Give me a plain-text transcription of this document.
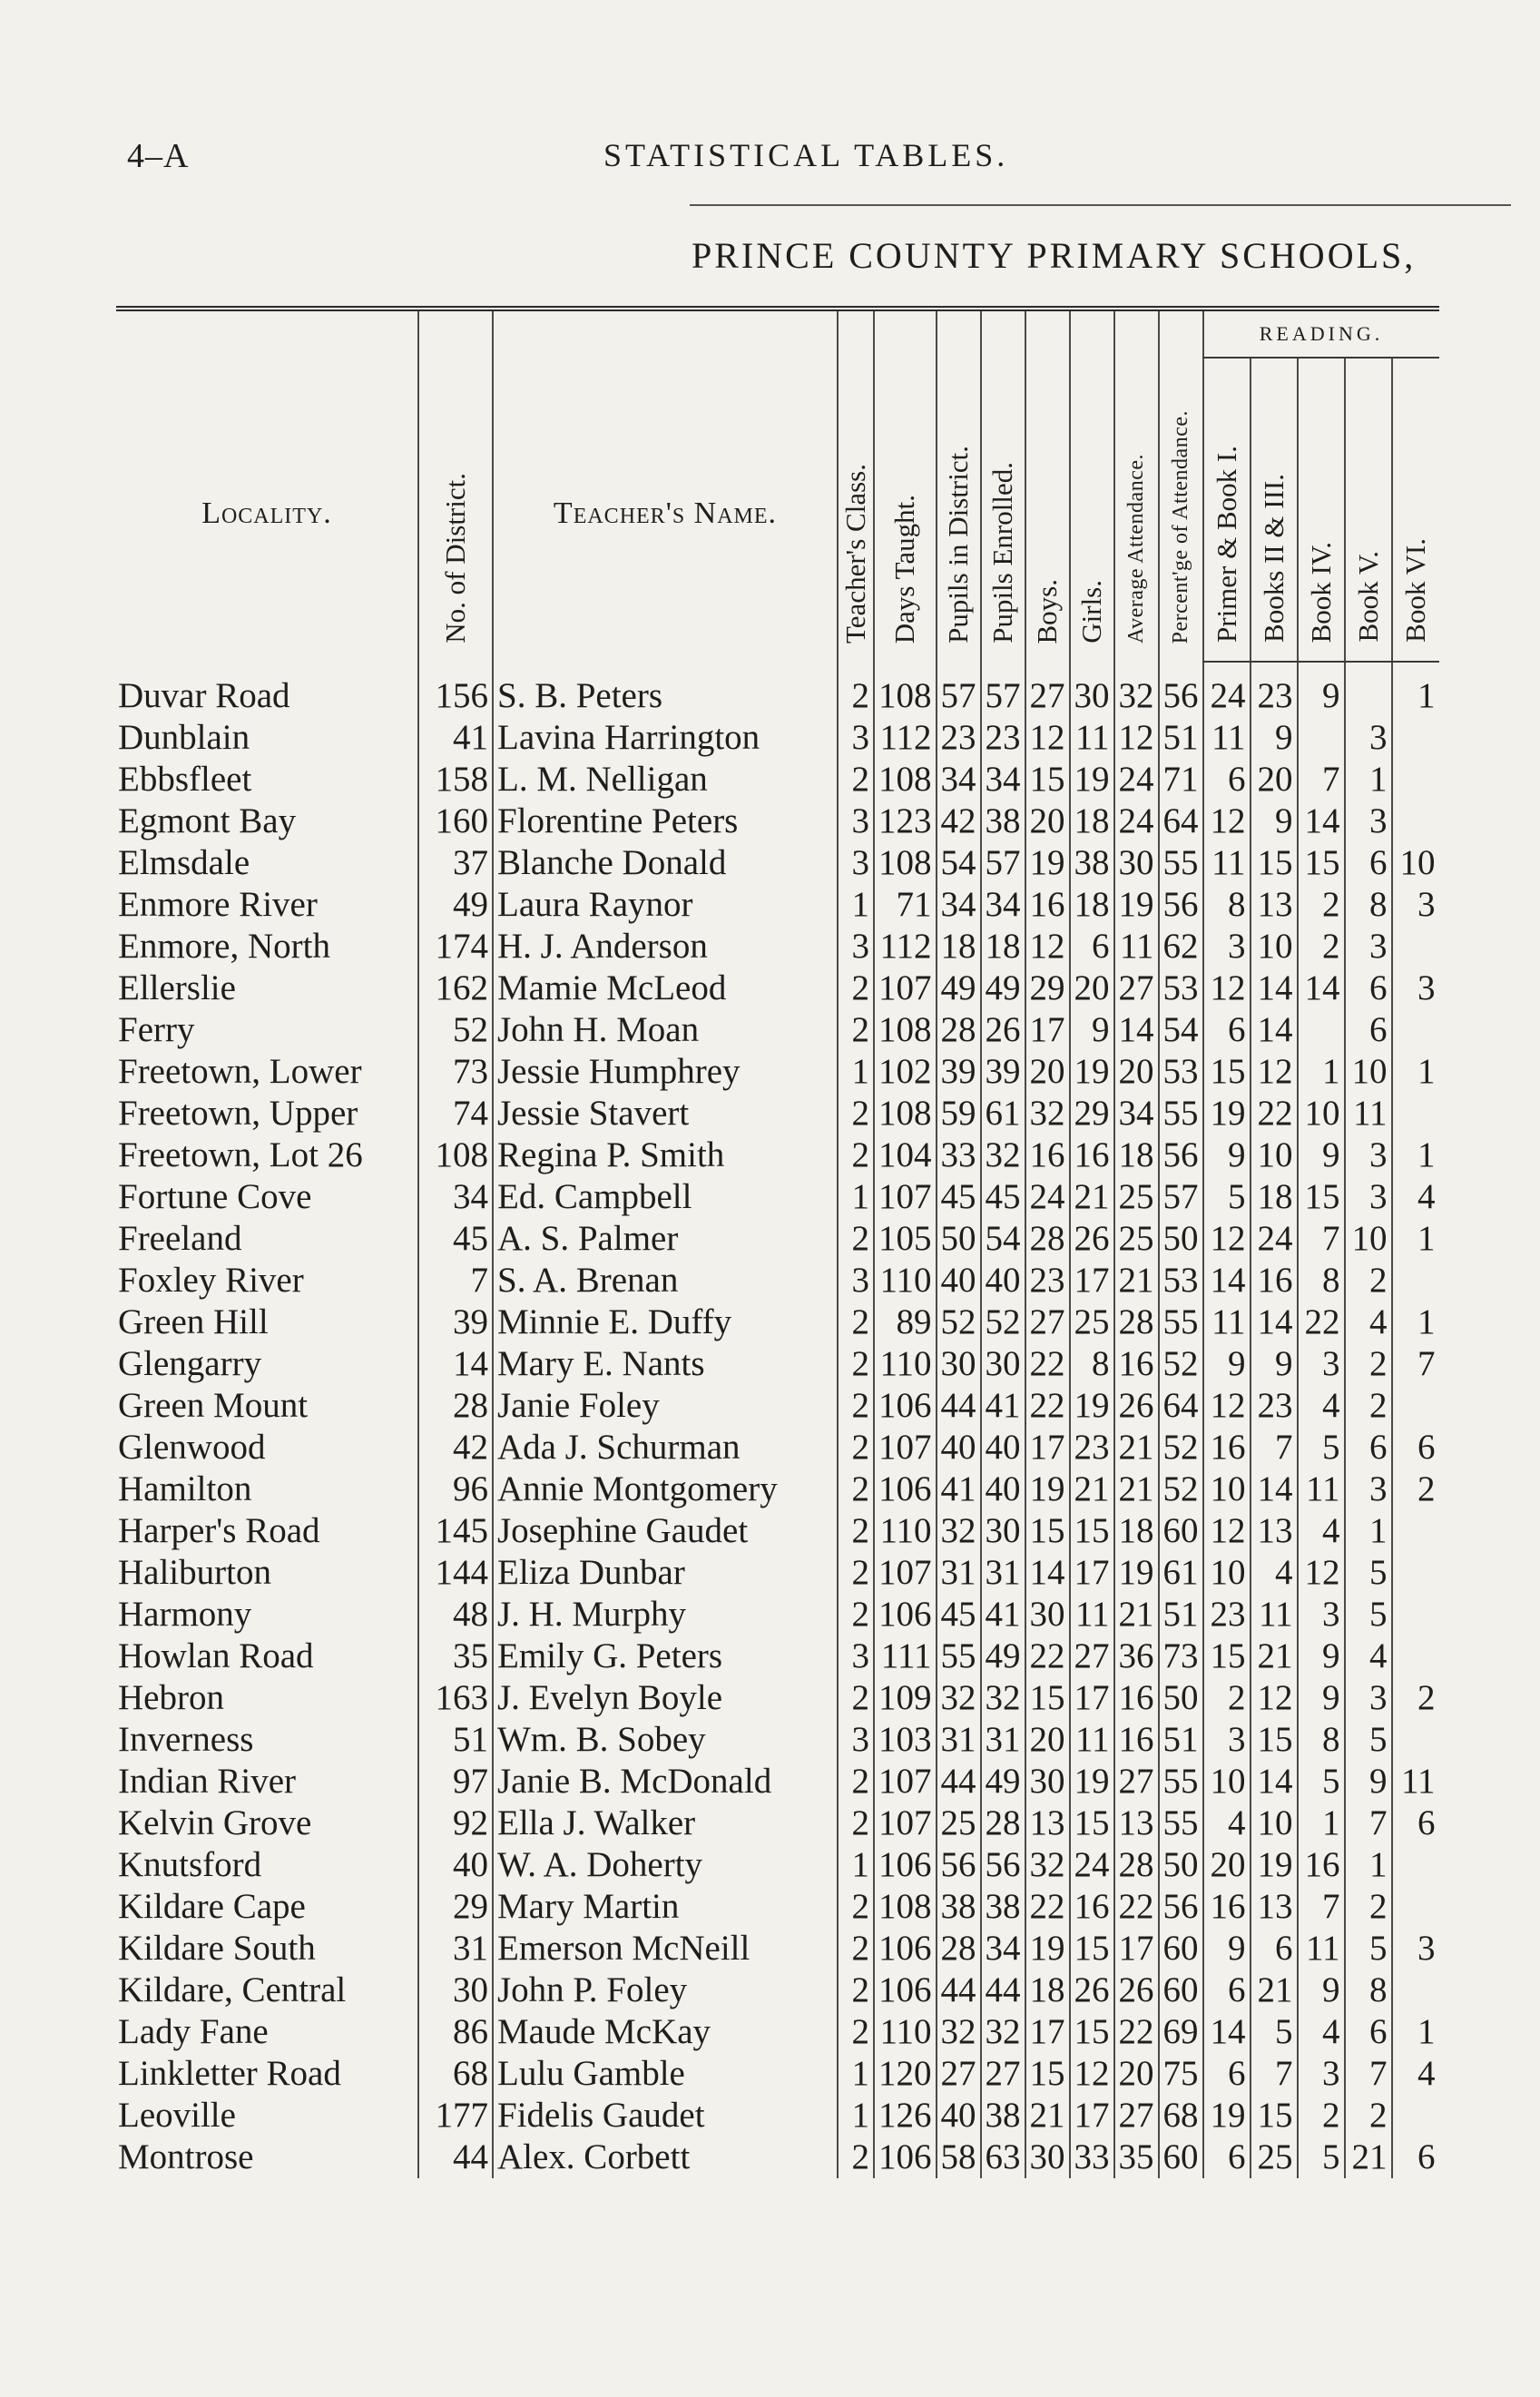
4–A	STATISTICAL TABLES.
PRINCE COUNTY PRIMARY SCHOOLS,
Locality.	No. of District.	Teacher's Name.	Teacher's Class.	Days Taught.	Pupils in District.	Pupils Enrolled.	Boys.	Girls.	Average Attendance.	Percent'ge of Attendance.	READING.				
											Primer & Book I.	Books II & III.	Book IV.	Book V.	Book VI.
Duvar Road	156	S. B. Peters	2	108	57	57	27	30	32	56	24	23	9		1
Dunblain	41	Lavina Harrington	3	112	23	23	12	11	12	51	11	9		3	
Ebbsfleet	158	L. M. Nelligan	2	108	34	34	15	19	24	71	6	20	7	1	
Egmont Bay	160	Florentine Peters	3	123	42	38	20	18	24	64	12	9	14	3	
Elmsdale	37	Blanche Donald	3	108	54	57	19	38	30	55	11	15	15	6	10
Enmore River	49	Laura Raynor	1	71	34	34	16	18	19	56	8	13	2	8	3
Enmore, North	174	H. J. Anderson	3	112	18	18	12	6	11	62	3	10	2	3	
Ellerslie	162	Mamie McLeod	2	107	49	49	29	20	27	53	12	14	14	6	3
Ferry	52	John H. Moan	2	108	28	26	17	9	14	54	6	14		6	
Freetown, Lower	73	Jessie Humphrey	1	102	39	39	20	19	20	53	15	12	1	10	1
Freetown, Upper	74	Jessie Stavert	2	108	59	61	32	29	34	55	19	22	10	11	
Freetown, Lot 26	108	Regina P. Smith	2	104	33	32	16	16	18	56	9	10	9	3	1
Fortune Cove	34	Ed. Campbell	1	107	45	45	24	21	25	57	5	18	15	3	4
Freeland	45	A. S. Palmer	2	105	50	54	28	26	25	50	12	24	7	10	1
Foxley River	7	S. A. Brenan	3	110	40	40	23	17	21	53	14	16	8	2	
Green Hill	39	Minnie E. Duffy	2	89	52	52	27	25	28	55	11	14	22	4	1
Glengarry	14	Mary E. Nants	2	110	30	30	22	8	16	52	9	9	3	2	7
Green Mount	28	Janie Foley	2	106	44	41	22	19	26	64	12	23	4	2	
Glenwood	42	Ada J. Schurman	2	107	40	40	17	23	21	52	16	7	5	6	6
Hamilton	96	Annie Montgomery	2	106	41	40	19	21	21	52	10	14	11	3	2
Harper's Road	145	Josephine Gaudet	2	110	32	30	15	15	18	60	12	13	4	1	
Haliburton	144	Eliza Dunbar	2	107	31	31	14	17	19	61	10	4	12	5	
Harmony	48	J. H. Murphy	2	106	45	41	30	11	21	51	23	11	3	5	
Howlan Road	35	Emily G. Peters	3	111	55	49	22	27	36	73	15	21	9	4	
Hebron	163	J. Evelyn Boyle	2	109	32	32	15	17	16	50	2	12	9	3	2
Inverness	51	Wm. B. Sobey	3	103	31	31	20	11	16	51	3	15	8	5	
Indian River	97	Janie B. McDonald	2	107	44	49	30	19	27	55	10	14	5	9	11
Kelvin Grove	92	Ella J. Walker	2	107	25	28	13	15	13	55	4	10	1	7	6
Knutsford	40	W. A. Doherty	1	106	56	56	32	24	28	50	20	19	16	1	
Kildare Cape	29	Mary Martin	2	108	38	38	22	16	22	56	16	13	7	2	
Kildare South	31	Emerson McNeill	2	106	28	34	19	15	17	60	9	6	11	5	3
Kildare, Central	30	John P. Foley	2	106	44	44	18	26	26	60	6	21	9	8	
Lady Fane	86	Maude McKay	2	110	32	32	17	15	22	69	14	5	4	6	1
Linkletter Road	68	Lulu Gamble	1	120	27	27	15	12	20	75	6	7	3	7	4
Leoville	177	Fidelis Gaudet	1	126	40	38	21	17	27	68	19	15	2	2	
Montrose	44	Alex. Corbett	2	106	58	63	30	33	35	60	6	25	5	21	6
